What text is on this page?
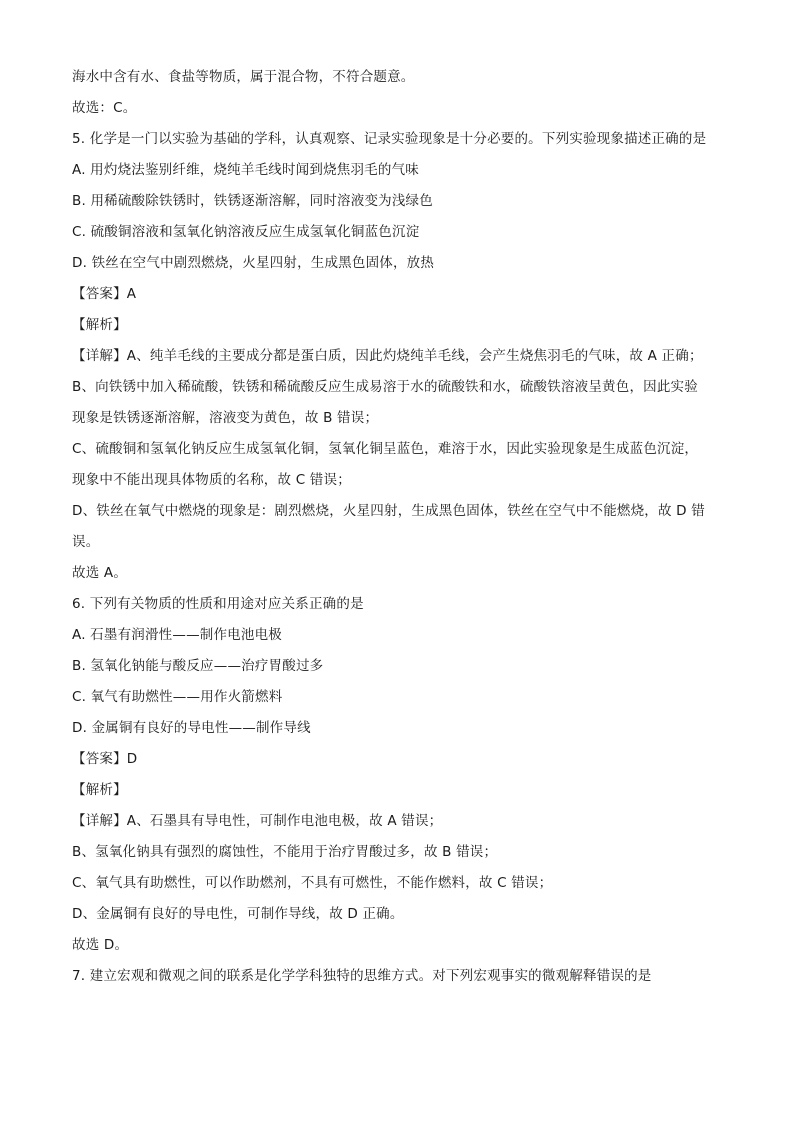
海水中含有水、食盐等物质，属于混合物，不符合题意。
故选：C。
5. 化学是一门以实验为基础的学科，认真观察、记录实验现象是十分必要的。下列实验现象描述正确的是
A. 用灼烧法鉴别纤维，烧纯羊毛线时闻到烧焦羽毛的气味
B. 用稀硫酸除铁锈时，铁锈逐渐溶解，同时溶液变为浅绿色
C. 硫酸铜溶液和氢氧化钠溶液反应生成氢氧化铜蓝色沉淀
D. 铁丝在空气中剧烈燃烧，火星四射，生成黑色固体，放热
【答案】A
【解析】
【详解】A、纯羊毛线的主要成分都是蛋白质，因此灼烧纯羊毛线，会产生烧焦羽毛的气味，故 A 正确；
B、向铁锈中加入稀硫酸，铁锈和稀硫酸反应生成易溶于水的硫酸铁和水，硫酸铁溶液呈黄色，因此实验
现象是铁锈逐渐溶解，溶液变为黄色，故 B 错误；
C、硫酸铜和氢氧化钠反应生成氢氧化铜，氢氧化铜呈蓝色，难溶于水，因此实验现象是生成蓝色沉淀，
现象中不能出现具体物质的名称，故 C 错误；
D、铁丝在氧气中燃烧的现象是：剧烈燃烧，火星四射，生成黑色固体，铁丝在空气中不能燃烧，故 D 错
误。
故选 A。
6. 下列有关物质的性质和用途对应关系正确的是
A. 石墨有润滑性——制作电池电极
B. 氢氧化钠能与酸反应——治疗胃酸过多
C. 氧气有助燃性——用作火箭燃料
D. 金属铜有良好的导电性——制作导线
【答案】D
【解析】
【详解】A、石墨具有导电性，可制作电池电极，故 A 错误；
B、氢氧化钠具有强烈的腐蚀性，不能用于治疗胃酸过多，故 B 错误；
C、氧气具有助燃性，可以作助燃剂，不具有可燃性，不能作燃料，故 C 错误；
D、金属铜有良好的导电性，可制作导线，故 D 正确。
故选 D。
7. 建立宏观和微观之间的联系是化学学科独特的思维方式。对下列宏观事实的微观解释错误的是
